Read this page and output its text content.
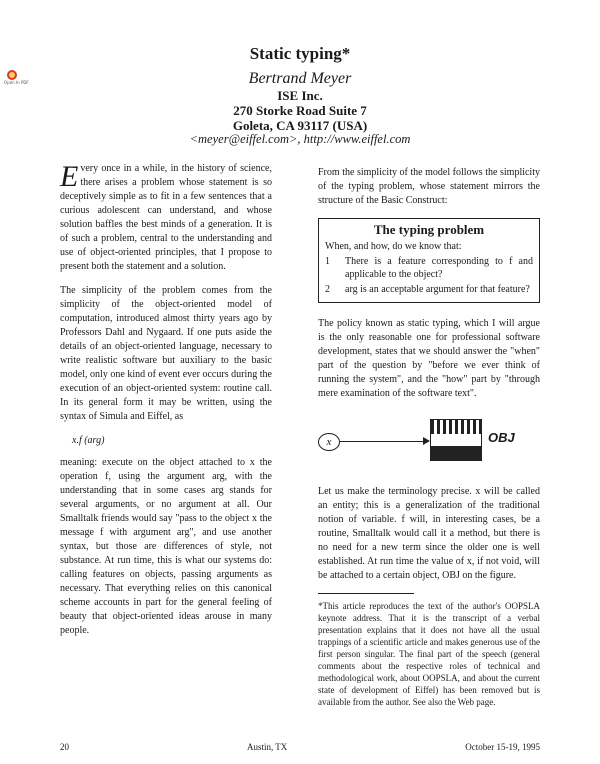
Open In PDF
Static typing*
Bertrand Meyer
ISE Inc.
270 Storke Road Suite 7
Goleta, CA 93117 (USA)
<meyer@eiffel.com>, http://www.eiffel.com

Every once in a while, in the history of science, there arises a problem whose statement is so deceptively simple as to fit in a few sentences that a curious adolescent can understand, and whose solution baffles the best minds of a generation. It is of such a problem, central to the understanding and use of object-oriented principles, that I propose to present both the statement and a solution.

The simplicity of the problem comes from the simplicity of the object-oriented model of computation, introduced almost thirty years ago by Professors Dahl and Nygaard. If one puts aside the details of an object-oriented language, necessary to write realistic software but auxiliary to the basic model, only one kind of event ever occurs during the execution of an object-oriented system: routine call. In its general form it may be written, using the syntax of Simula and Eiffel, as

x.f (arg)

meaning: execute on the object attached to x the operation f, using the argument arg, with the understanding that in some cases arg stands for several arguments, or no argument at all. Our Smalltalk friends would say "pass to the object x the message f with argument arg", and use another syntax, but those are differences of style, not substance. At run time, this is what our systems do: calling features on objects, passing arguments as necessary. That everything relies on this canonical scheme accounts in part for the general feeling of beauty that object-oriented ideas arouse in many people.

From the simplicity of the model follows the simplicity of the typing problem, whose statement mirrors the structure of the Basic Construct:

The typing problem
When, and how, do we know that:
1	There is a feature corresponding to f and applicable to the object?
2	arg is an acceptable argument for that feature?

The policy known as static typing, which I will argue is the only reasonable one for professional software development, states that we should answer the "when" part of the question by "before we ever think of running the system", and the "how" part by "through mere examination of the software text".

x	OBJ

Let us make the terminology precise. x will be called an entity; this is a generalization of the traditional notion of variable. f will, in interesting cases, be a routine, Smalltalk would call it a method, but there is no need for a new term since the older one is well established. At run time the value of x, if not void, will be attached to a certain object, OBJ on the figure.

*This article reproduces the text of the author's OOPSLA keynote address. That it is the transcript of a verbal presentation explains that it does not have all the usual trappings of a scientific article and makes generous use of the first person singular. The final part of the speech (general comments about the respective roles of technical and methodological work, about OOPSLA, and about the current state of development of Eiffel) has been removed but is available from the author. See also the Web page.
20	Austin, TX	October 15-19, 1995
